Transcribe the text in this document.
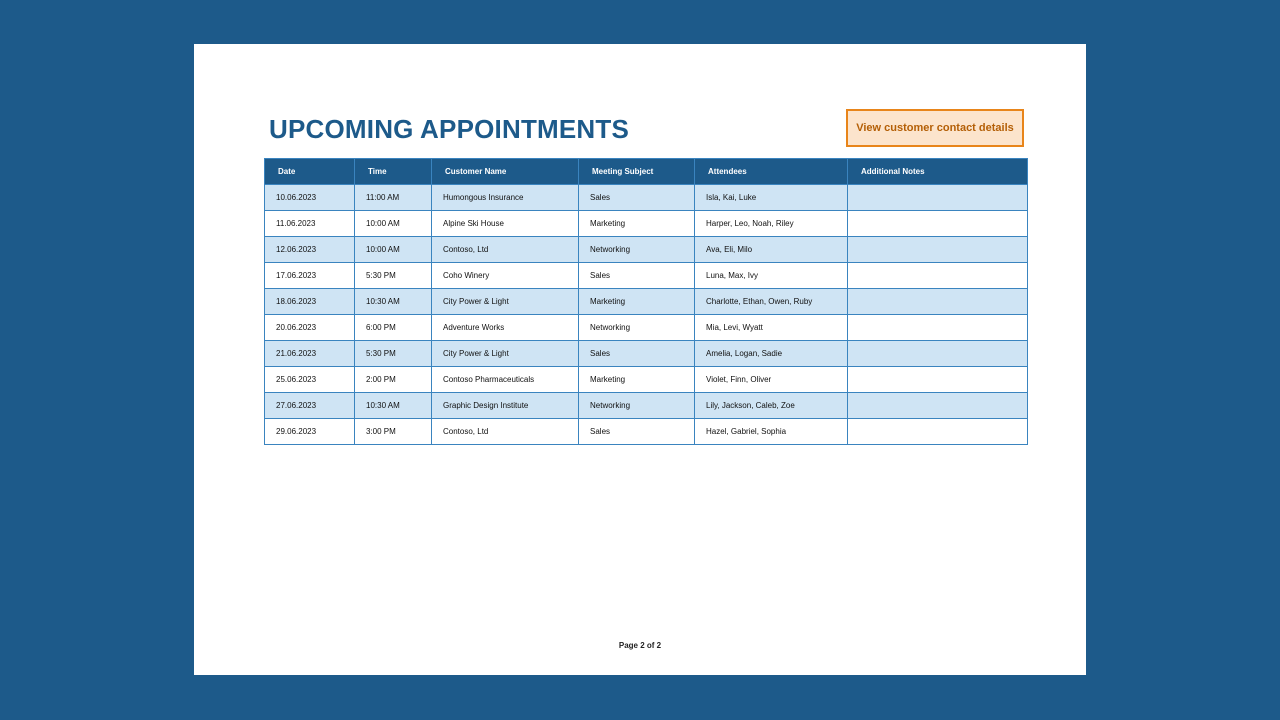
UPCOMING APPOINTMENTS	View customer contact details
Date	Time	Customer Name	Meeting Subject	Attendees	Additional Notes
10.06.2023	11:00 AM	Humongous Insurance	Sales	Isla, Kai, Luke	
11.06.2023	10:00 AM	Alpine Ski House	Marketing	Harper, Leo, Noah, Riley	
12.06.2023	10:00 AM	Contoso, Ltd	Networking	Ava, Eli, Milo	
17.06.2023	5:30 PM	Coho Winery	Sales	Luna, Max, Ivy	
18.06.2023	10:30 AM	City Power & Light	Marketing	Charlotte, Ethan, Owen, Ruby	
20.06.2023	6:00 PM	Adventure Works	Networking	Mia, Levi, Wyatt	
21.06.2023	5:30 PM	City Power & Light	Sales	Amelia, Logan, Sadie	
25.06.2023	2:00 PM	Contoso Pharmaceuticals	Marketing	Violet, Finn, Oliver	
27.06.2023	10:30 AM	Graphic Design Institute	Networking	Lily, Jackson, Caleb, Zoe	
29.06.2023	3:00 PM	Contoso, Ltd	Sales	Hazel, Gabriel, Sophia	
Page 2 of 2
